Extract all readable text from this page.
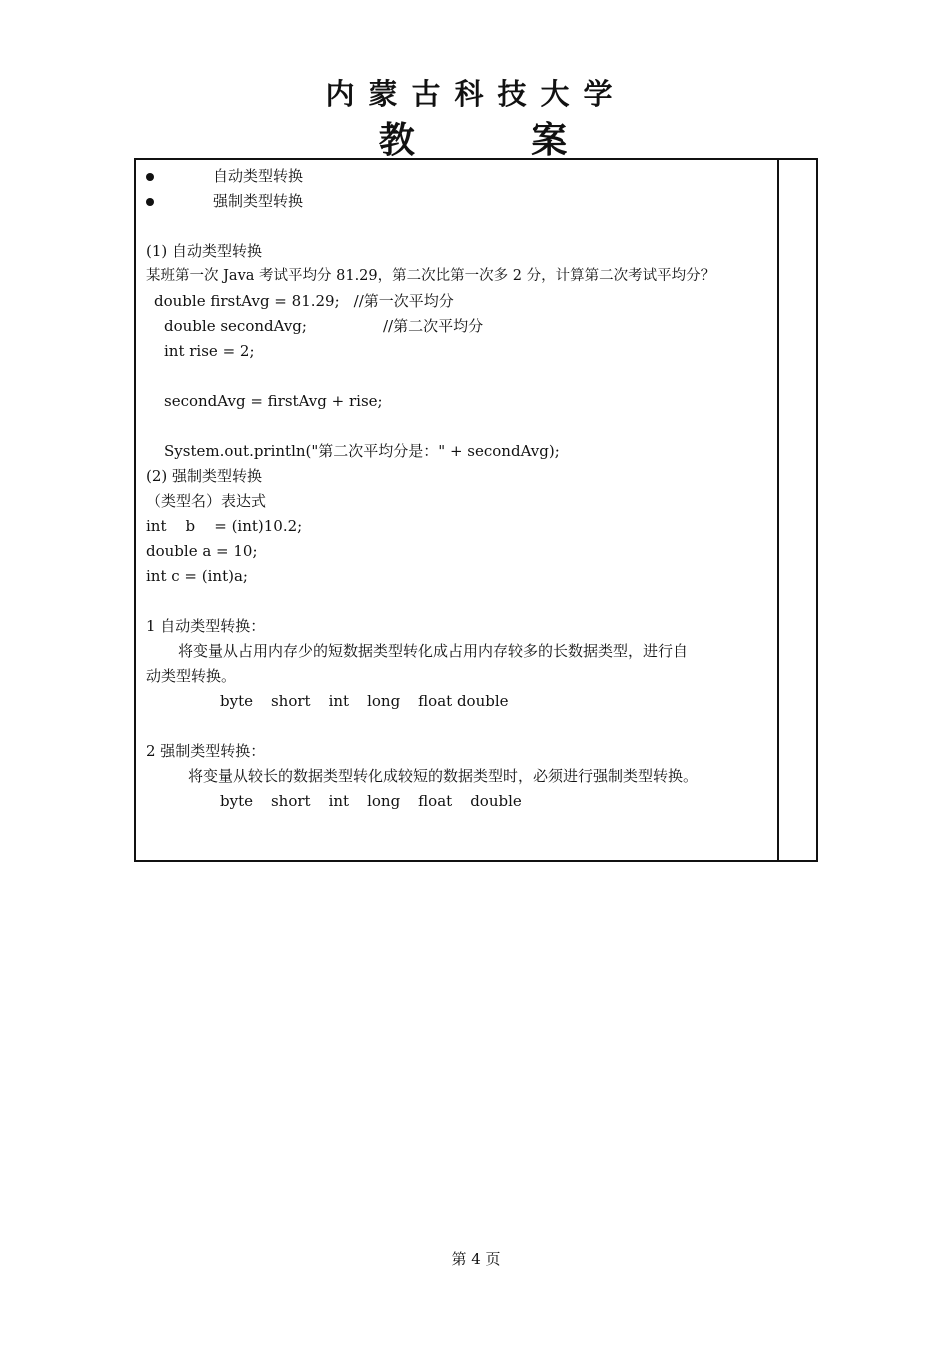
内蒙古科技大学
教 案
自动类型转换
强制类型转换
(1) 自动类型转换
某班第一次 Java 考试平均分 81.29，第二次比第一次多 2 分，计算第二次考试平均分？
double firstAvg = 81.29; //第一次平均分
double secondAvg;	//第二次平均分
int rise = 2;
secondAvg = firstAvg + rise;
System.out.println("第二次平均分是：" + secondAvg);
(2) 强制类型转换
（类型名）表达式
int    b    = (int)10.2;
double a = 10;
int c = (int)a;
1 自动类型转换：
将变量从占用内存少的短数据类型转化成占用内存较多的长数据类型，进行自
动类型转换。
byte short int long float double
2 强制类型转换：
将变量从较长的数据类型转化成较短的数据类型时，必须进行强制类型转换。
byte short int long float double
第 4 页
